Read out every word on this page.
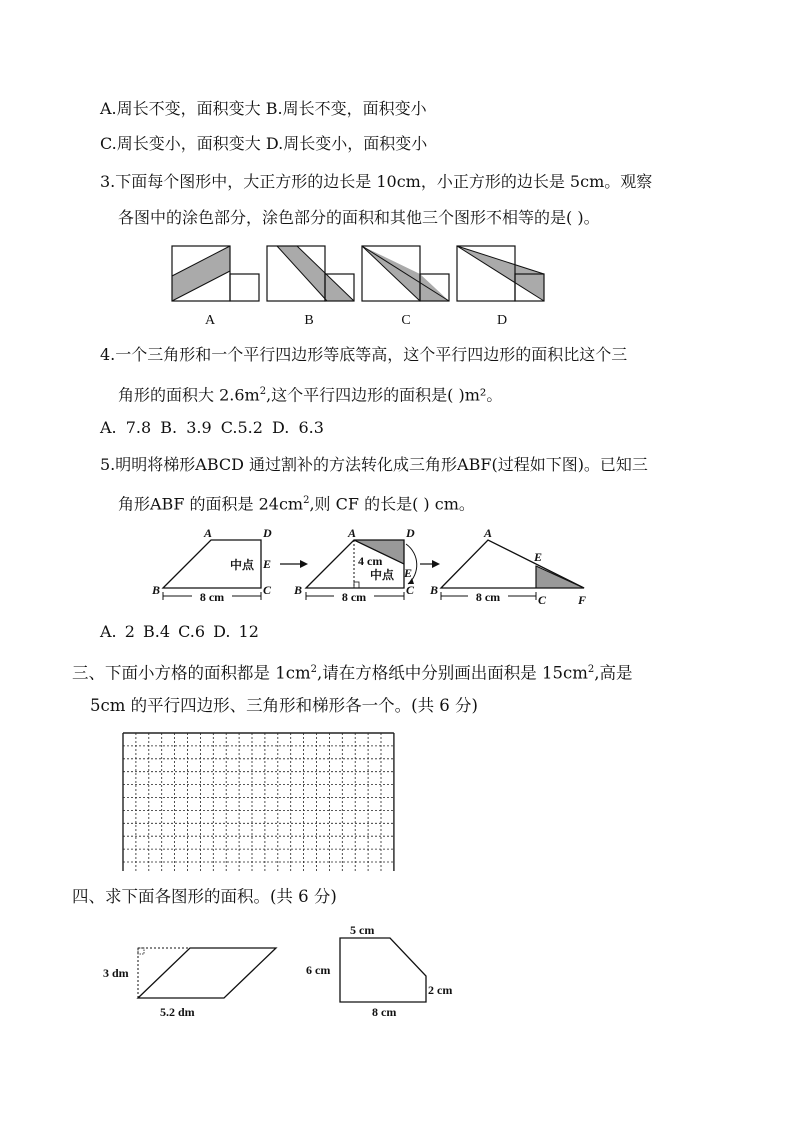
A.周长不变，面积变大 B.周长不变，面积变小
C.周长变小，面积变大 D.周长变小，面积变小
3.下面每个图形中，大正方形的边长是 10cm，小正方形的边长是 5cm。观察
各图中的涂色部分，涂色部分的面积和其他三个图形不相等的是( )。
A	B	C	D
4.一个三角形和一个平行四边形等底等高，这个平行四边形的面积比这个三
角形的面积大 $2.6m^2$,这个平行四边形的面积是( )m²。
A. 7.8 B. 3.9 C.5.2 D. 6.3
5.明明将梯形ABCD 通过割补的方法转化成三角形ABF(过程如下图)。已知三
角形ABF 的面积是 $24cm^2$,则 CF 的长是( ) cm。
A	D
E
B	C
中点
8 cm
A	D
E
B	C
4 cm
中点
8 cm
A
E
B
C	F
8 cm
A. 2 B.4 C.6 D. 12
三、下面小方格的面积都是 $1cm^2$,请在方格纸中分别画出面积是 $15cm^2$,高是
5cm 的平行四边形、三角形和梯形各一个。(共 6 分)
四、求下面各图形的面积。(共 6 分)
3 dm
5.2 dm
5 cm
6 cm
2 cm
8 cm
